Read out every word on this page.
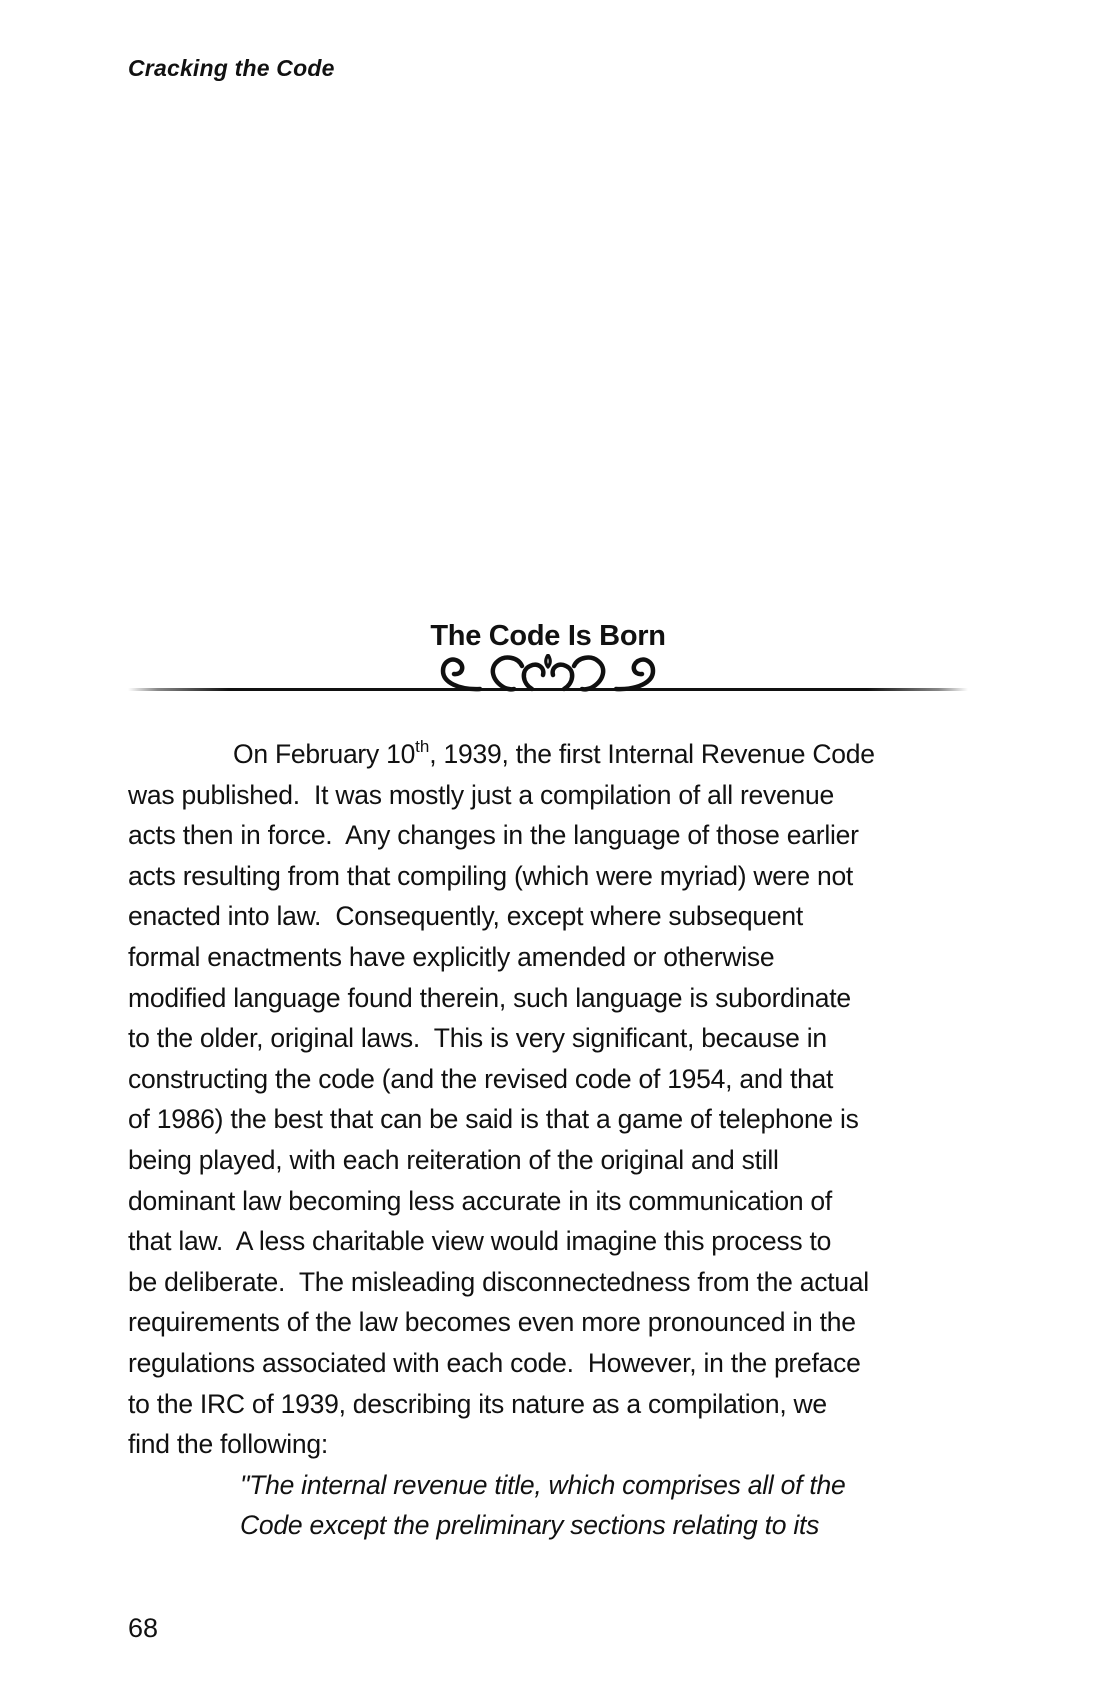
Cracking the Code
The Code Is Born
On February 10th, 1939, the first Internal Revenue Code
was published.  It was mostly just a compilation of all revenue
acts then in force.  Any changes in the language of those earlier
acts resulting from that compiling (which were myriad) were not
enacted into law.  Consequently, except where subsequent
formal enactments have explicitly amended or otherwise
modified language found therein, such language is subordinate
to the older, original laws.  This is very significant, because in
constructing the code (and the revised code of 1954, and that
of 1986) the best that can be said is that a game of telephone is
being played, with each reiteration of the original and still
dominant law becoming less accurate in its communication of
that law.  A less charitable view would imagine this process to
be deliberate.  The misleading disconnectedness from the actual
requirements of the law becomes even more pronounced in the
regulations associated with each code.  However, in the preface
to the IRC of 1939, describing its nature as a compilation, we
find the following:
"The internal revenue title, which comprises all of the
Code except the preliminary sections relating to its
68
